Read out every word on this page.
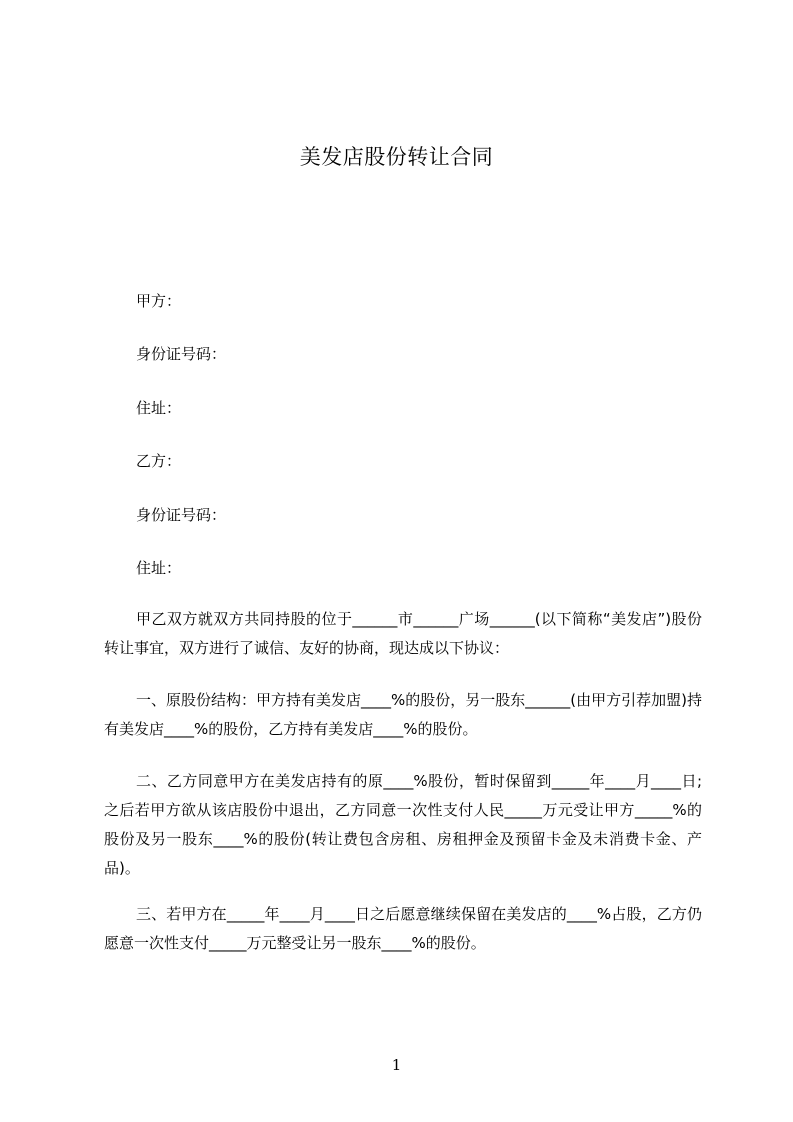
美发店股份转让合同
甲方：
身份证号码：
住址：
乙方：
身份证号码：
住址：

甲乙双方就双方共同持股的位于______市______广场______(以下简称“美发店”)股份转让事宜，双方进行了诚信、友好的协商，现达成以下协议：

一、原股份结构：甲方持有美发店____%的股份，另一股东______(由甲方引荐加盟)持有美发店____%的股份，乙方持有美发店____%的股份。

二、乙方同意甲方在美发店持有的原____%股份，暂时保留到_____年____月____日;之后若甲方欲从该店股份中退出，乙方同意一次性支付人民_____万元受让甲方_____%的股份及另一股东____%的股份(转让费包含房租、房租押金及预留卡金及未消费卡金、产品)。

三、若甲方在_____年____月____日之后愿意继续保留在美发店的____%占股，乙方仍愿意一次性支付_____万元整受让另一股东____%的股份。

1
